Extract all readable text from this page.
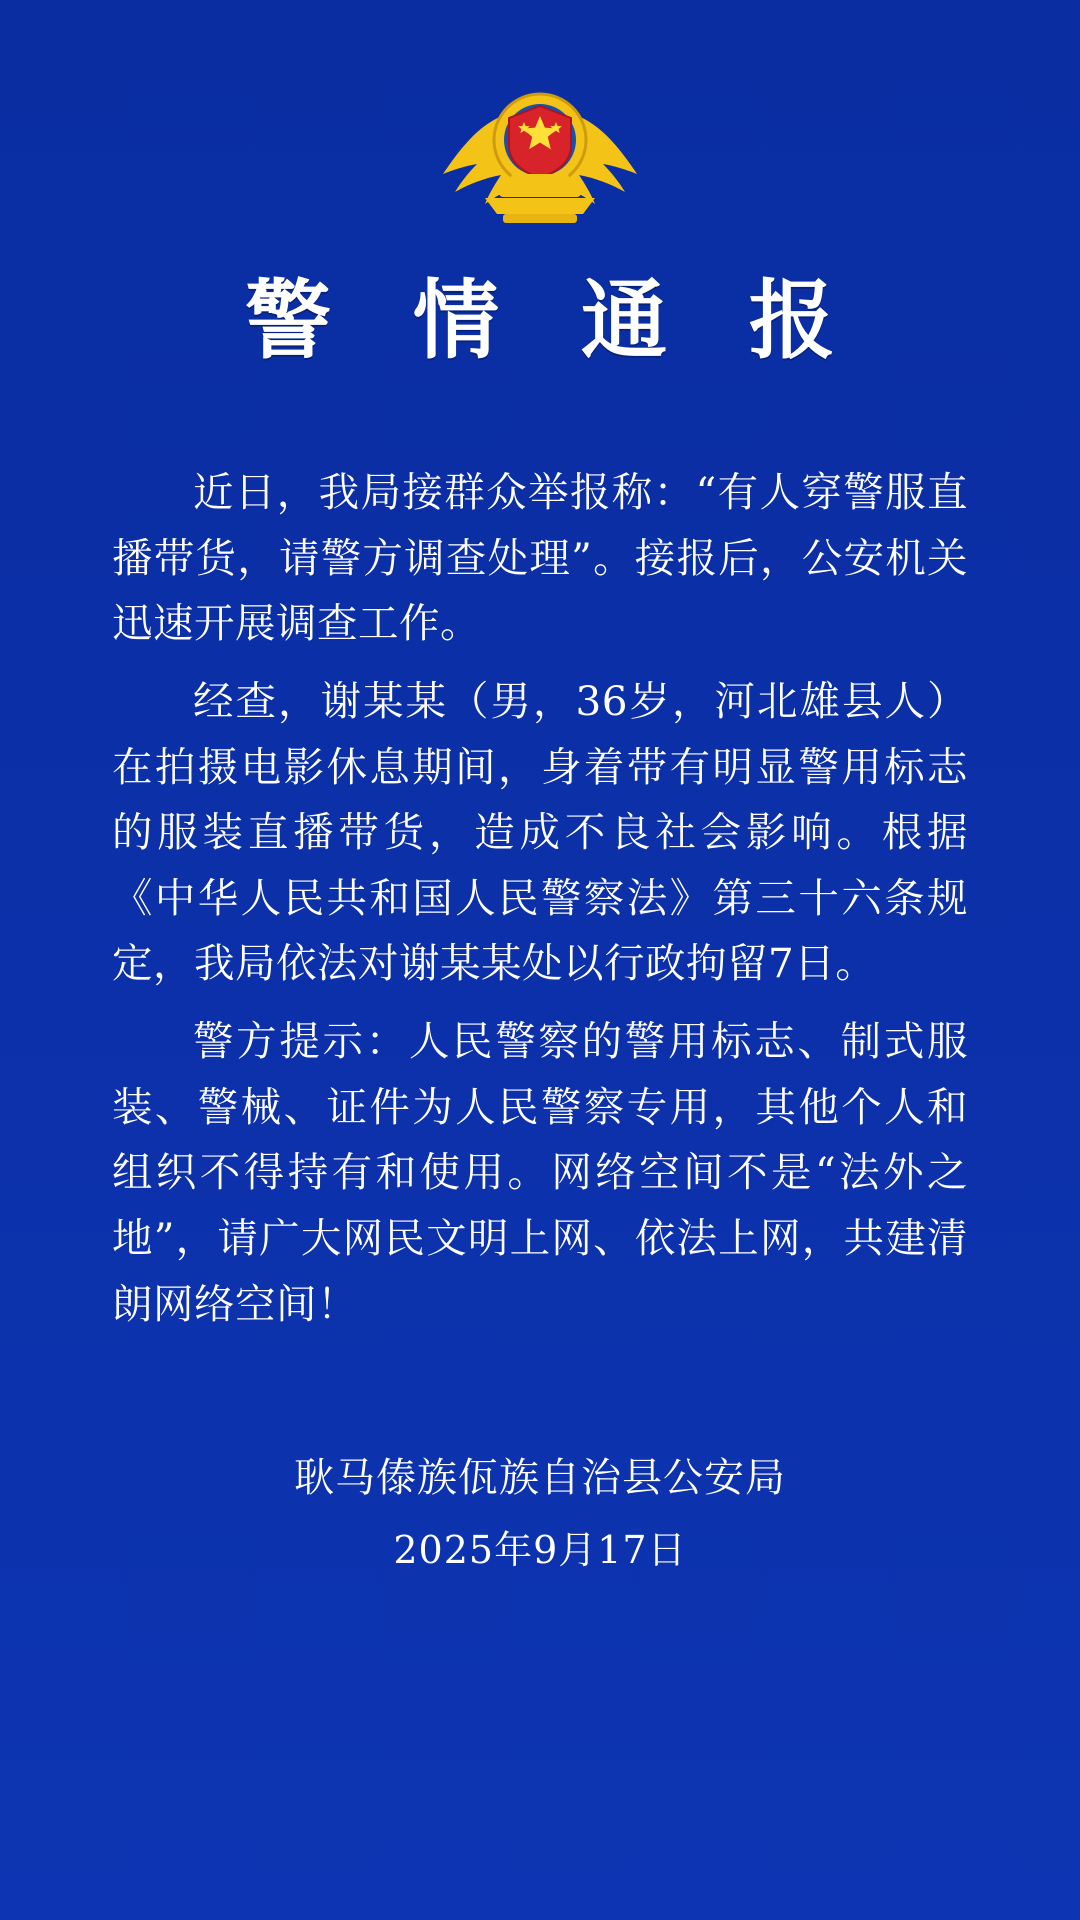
警 情 通 报

近日，我局接群众举报称：“有人穿警服直播带货，请警方调查处理”。接报后，公安机关迅速开展调查工作。

经查，谢某某（男，36岁，河北雄县人）在拍摄电影休息期间，身着带有明显警用标志的服装直播带货，造成不良社会影响。根据《中华人民共和国人民警察法》第三十六条规定，我局依法对谢某某处以行政拘留7日。

警方提示：人民警察的警用标志、制式服装、警械、证件为人民警察专用，其他个人和组织不得持有和使用。网络空间不是“法外之地”，请广大网民文明上网、依法上网，共建清朗网络空间！

耿马傣族佤族自治县公安局
2025年9月17日
